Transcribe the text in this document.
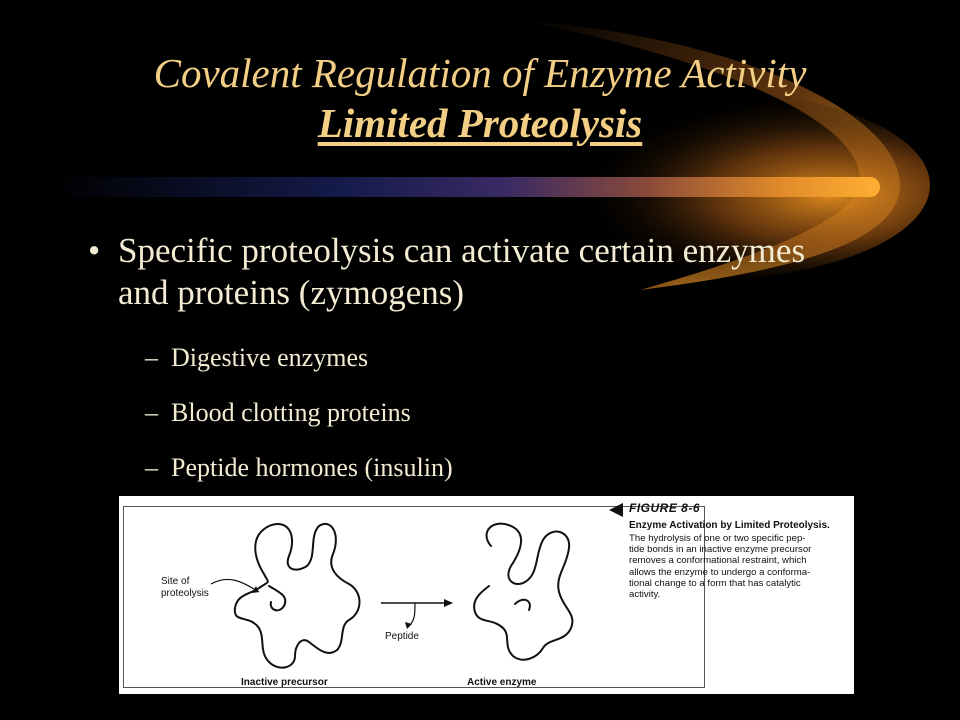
Covalent Regulation of Enzyme Activity
Limited Proteolysis
• Specific proteolysis can activate certain enzymes and proteins (zymogens)
– Digestive enzymes
– Blood clotting proteins
– Peptide hormones (insulin)
Site of
proteolysis
Peptide
Inactive precursor	Active enzyme
FIGURE 8-6
Enzyme Activation by Limited Proteolysis.
The hydrolysis of one or two specific pep-
tide bonds in an inactive enzyme precursor
removes a conformational restraint, which
allows the enzyme to undergo a conforma-
tional change to a form that has catalytic
activity.
